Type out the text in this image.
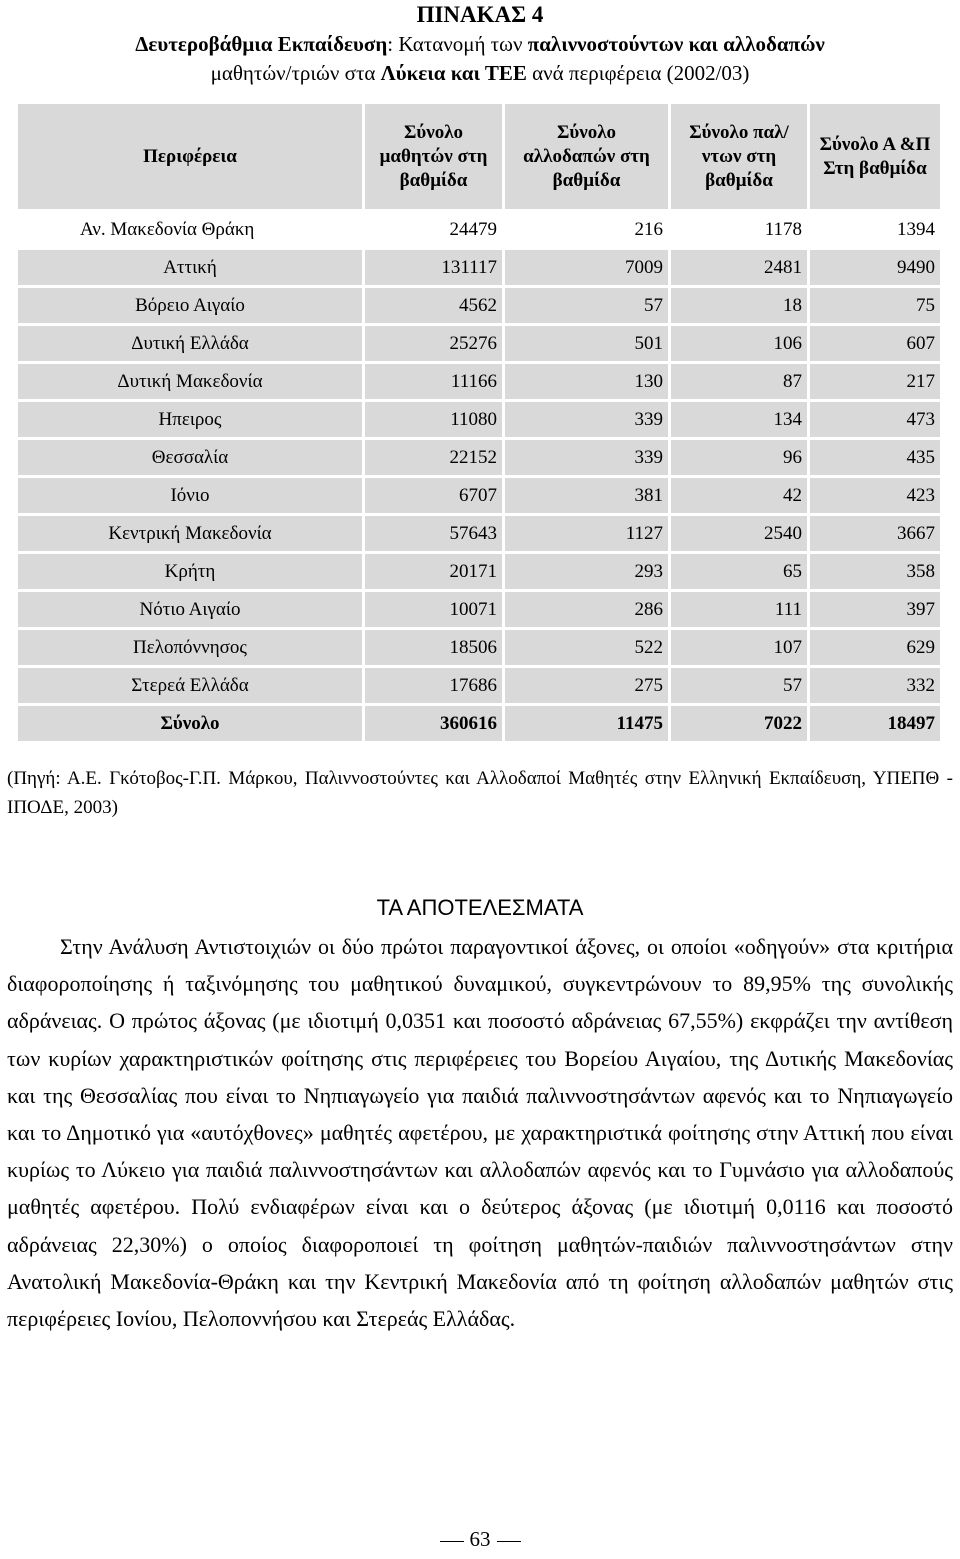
ΠΙΝΑΚΑΣ 4
Δευτεροβάθμια Εκπαίδευση: Κατανομή των παλιννοστούντων και αλλοδαπών
μαθητών/τριών στα Λύκεια και ΤΕΕ ανά περιφέρεια (2002/03)
Περιφέρεια	Σύνολο μαθητών στη βαθμίδα	Σύνολο αλλοδαπών στη βαθμίδα	Σύνολο παλ/ντων στη βαθμίδα	Σύνολο Α &Π Στη βαθμίδα
Αν. Μακεδονία Θράκη	24479	216	1178	1394
Αττική	131117	7009	2481	9490
Βόρειο Αιγαίο	4562	57	18	75
Δυτική Ελλάδα	25276	501	106	607
Δυτική Μακεδονία	11166	130	87	217
Ηπειρος	11080	339	134	473
Θεσσαλία	22152	339	96	435
Ιόνιο	6707	381	42	423
Κεντρική Μακεδονία	57643	1127	2540	3667
Κρήτη	20171	293	65	358
Νότιο Αιγαίο	10071	286	111	397
Πελοπόννησος	18506	522	107	629
Στερεά Ελλάδα	17686	275	57	332
Σύνολο	360616	11475	7022	18497
(Πηγή: Α.Ε. Γκότοβος-Γ.Π. Μάρκου, Παλιννοστούντες και Αλλοδαποί Μαθητές στην Ελληνική Εκπαίδευση, ΥΠΕΠΘ - ΙΠΟΔΕ, 2003)
ΤΑ ΑΠΟΤΕΛΕΣΜΑΤΑ
Στην Ανάλυση Αντιστοιχιών οι δύο πρώτοι παραγοντικοί άξονες, οι οποίοι «οδηγούν» στα κριτήρια διαφοροποίησης ή ταξινόμησης του μαθητικού δυναμικού, συγκεντρώνουν το 89,95% της συνολικής αδράνειας. Ο πρώτος άξονας (με ιδιοτιμή 0,0351 και ποσοστό αδράνειας 67,55%) εκφράζει την αντίθεση των κυρίων χαρακτηριστικών φοίτησης στις περιφέρειες του Βορείου Αιγαίου, της Δυτικής Μακεδονίας και της Θεσσαλίας που είναι το Νηπιαγωγείο για παιδιά παλιννοστησάντων αφενός και το Νηπιαγωγείο και το Δημοτικό για «αυτόχθονες» μαθητές αφετέρου, με χαρακτηριστικά φοίτησης στην Αττική που είναι κυρίως το Λύκειο για παιδιά παλιννοστησάντων και αλλοδαπών αφενός και το Γυμνάσιο για αλλοδαπούς μαθητές αφετέρου. Πολύ ενδιαφέρων είναι και ο δεύτερος άξονας (με ιδιοτιμή 0,0116 και ποσοστό αδράνειας 22,30%) ο οποίος διαφοροποιεί τη φοίτηση μαθητών-παιδιών παλιννοστησάντων στην Ανατολική Μακεδονία-Θράκη και την Κεντρική Μακεδονία από τη φοίτηση αλλοδαπών μαθητών στις περιφέρειες Ιονίου, Πελοποννήσου και Στερεάς Ελλάδας.
63
